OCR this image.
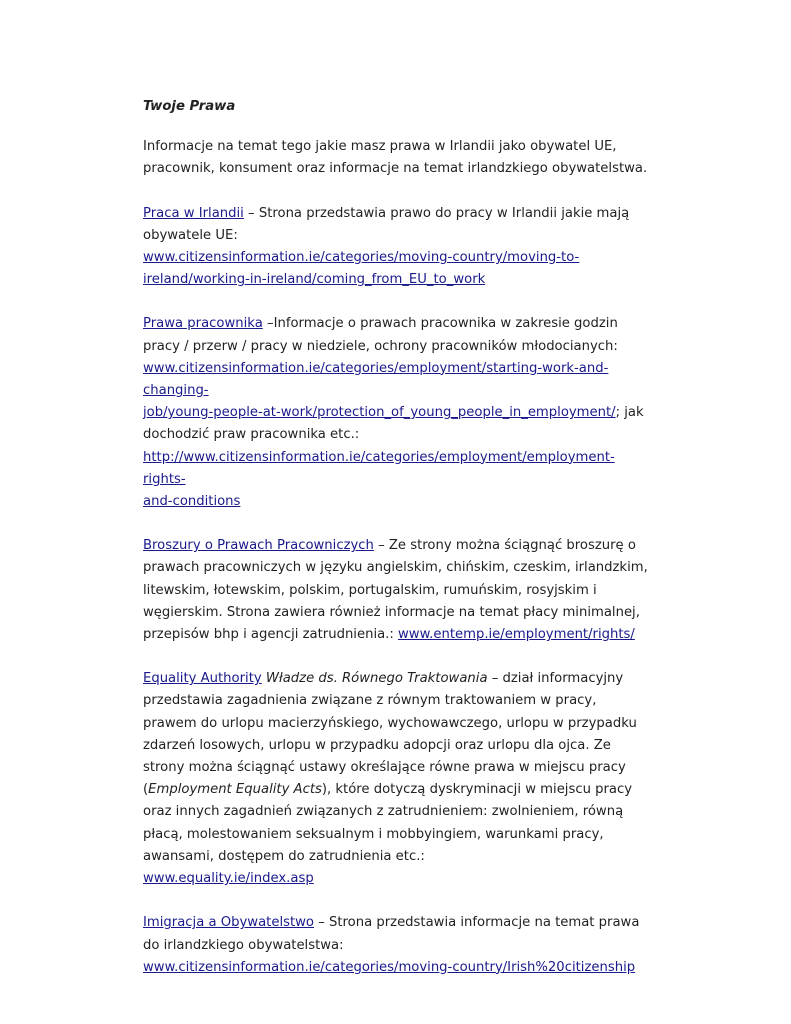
Twoje Prawa
Informacje na temat tego jakie masz prawa w Irlandii jako obywatel UE,
pracownik, konsument oraz informacje na temat irlandzkiego obywatelstwa.
Praca w Irlandii – Strona przedstawia prawo do pracy w Irlandii jakie mają obywatele UE:
www.citizensinformation.ie/categories/moving-country/moving-to-
ireland/working-in-ireland/coming_from_EU_to_work
Prawa pracownika –Informacje o prawach pracownika w zakresie godzin pracy / przerw / pracy w niedziele, ochrony pracowników młodocianych:
www.citizensinformation.ie/categories/employment/starting-work-and-changing-
job/young-people-at-work/protection_of_young_people_in_employment/; jak dochodzić praw pracownika etc.:
http://www.citizensinformation.ie/categories/employment/employment-rights-
and-conditions
Broszury o Prawach Pracowniczych – Ze strony można ściągnąć broszurę o prawach pracowniczych w języku angielskim, chińskim, czeskim, irlandzkim, litewskim, łotewskim, polskim, portugalskim, rumuńskim, rosyjskim i węgierskim. Strona zawiera również informacje na temat płacy minimalnej, przepisów bhp i agencji zatrudnienia.: www.entemp.ie/employment/rights/
Equality Authority Władze ds. Równego Traktowania – dział informacyjny przedstawia zagadnienia związane z równym traktowaniem w pracy, prawem do urlopu macierzyńskiego, wychowawczego, urlopu w przypadku zdarzeń losowych, urlopu w przypadku adopcji oraz urlopu dla ojca. Ze strony można ściągnąć ustawy określające równe prawa w miejscu pracy (Employment Equality Acts), które dotyczą dyskryminacji w miejscu pracy oraz innych zagadnień związanych z zatrudnieniem: zwolnieniem, równą płacą, molestowaniem seksualnym i mobbyingiem, warunkami pracy, awansami, dostępem do zatrudnienia etc.:
www.equality.ie/index.asp
Imigracja a Obywatelstwo – Strona przedstawia informacje na temat prawa do irlandzkiego obywatelstwa:
www.citizensinformation.ie/categories/moving-country/Irish%20citizenship
